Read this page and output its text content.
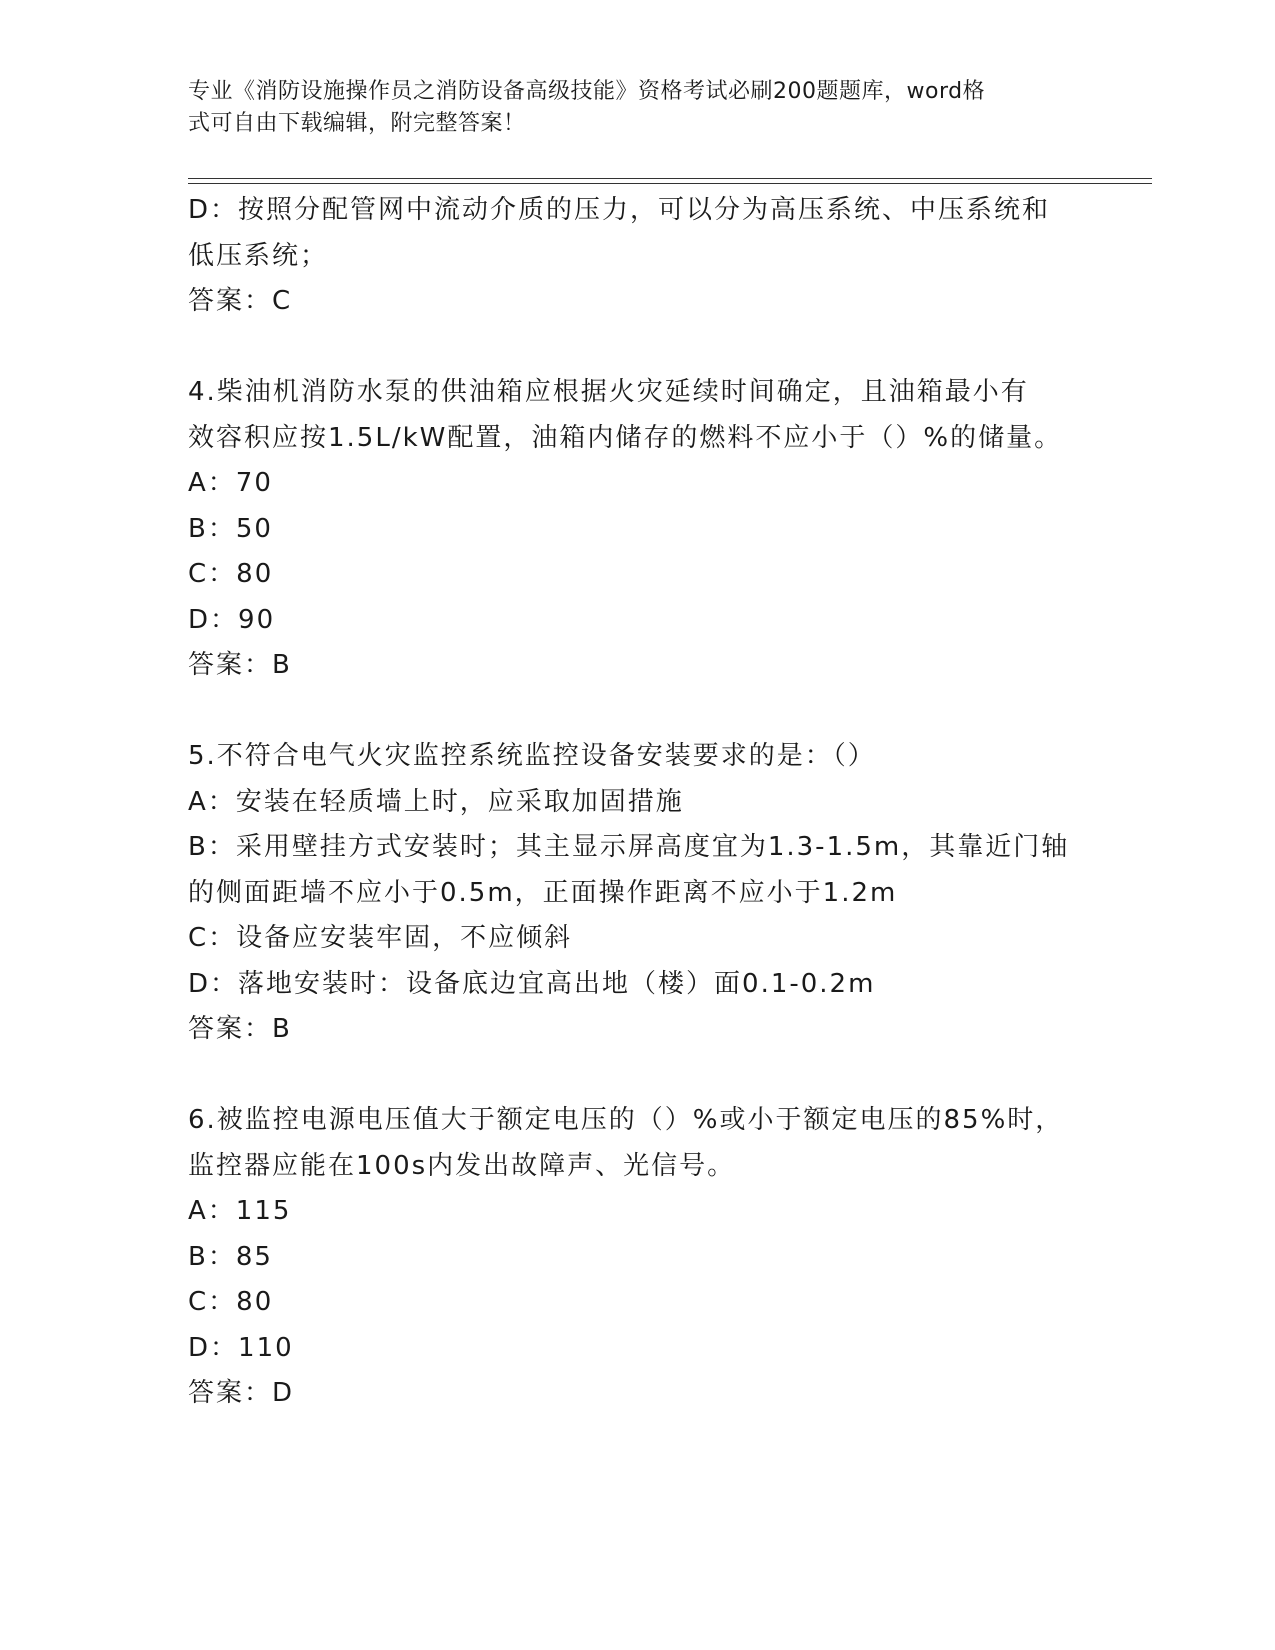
专业《消防设施操作员之消防设备高级技能》资格考试必刷200题题库，word格
式可自由下载编辑，附完整答案！
D：按照分配管网中流动介质的压力，可以分为高压系统、中压系统和
低压系统；
答案：C
4.柴油机消防水泵的供油箱应根据火灾延续时间确定，且油箱最小有
效容积应按1.5L/kW配置，油箱内储存的燃料不应小于（）%的储量。
A：70
B：50
C：80
D：90
答案：B
5.不符合电气火灾监控系统监控设备安装要求的是：（）
A：安装在轻质墙上时，应采取加固措施
B：采用壁挂方式安装时；其主显示屏高度宜为1.3-1.5m，其靠近门轴
的侧面距墙不应小于0.5m，正面操作距离不应小于1.2m
C：设备应安装牢固，不应倾斜
D：落地安装时：设备底边宜高出地（楼）面0.1-0.2m
答案：B
6.被监控电源电压值大于额定电压的（）%或小于额定电压的85%时，
监控器应能在100s内发出故障声、光信号。
A：115
B：85
C：80
D：110
答案：D
